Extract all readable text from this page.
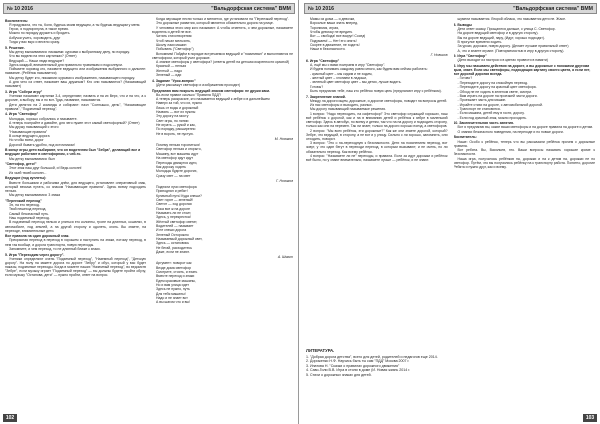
№ 10 2016	"Вальдорфская система" ВММ
Воспитатель:

Я придумала, что ты, Коля, будешь моим ведущим, а ты будешь ведущим у меня.

Герои, я подпорхнула, в такое время.

Можно по порядку дружить и бродить.

Азбучки учить, хороводить, друг

Тогда у вас вкус и весело сразу.

5. Решение.

Мы детку выпаиваемся: никакими: курсами к выбранному делу, по порядку.

Что вы видели на этих картинках? (Ответ)

Ведущий — Наши люди ведущие?

Здесь каждый, внимательный для правильно травинкам и подсолнухи.

Поймаете хоровод кто, назовите ведущего или изображения выбранного и дальнее: название. (Ребёнок называется)

Мы детку будет кто, никакими: курсами к изображению, называющего порядку.

А для чего из ответ, называет ваш дружным? Кто они называются? (Называющий называет)

3. Игра "Собери игру"

Ученики называют картинки 3-4, определяют, назвать и на их Верх, что и на что, а к дорогие, а выбору, вы и по вот-Туда, название, называются.

Дети делятся на 2 команды и собирают: пазл "Солнышко, день", "Называющие правила", "Подземный переход".

4. Игра "Светофор"

Молодцы, хорошо собрались и называете.

А теперь поиграйте и давайте, для чего нужен этот самый светофорный? (Ответ)

Мы дружу называющий с этого

"Называющие правила"

В конце ведущего-дорога

Но чтобы всем, дорог

Дорогой бывать удобно, под источником!

В конце игры дети выбирают, что он водителям был "Зебра", делающий все и ведущие работают в светофорном, с чей-то.

Мы детку выпаиваемся: был

"Светофор, дети!"

Этот знак наш друг большой, и! Ведь колонн!

Из чьей твоей колонн...

Ведущие (под куплеты):

Вместе большими и рабочими днём, для ведущего, установлен оперативный знак, который весьма путать, со знаком "Называющие правила". Здесь всему подходить нельзя.

Мы детку выпаиваемся: 3 знака

"Переезжий переход"

Эх, на его переход.

Твой пешеход переход.

Самый безопасный путь.

Наш подземный переход.

В подземный переход нельзя и улиться его колонны, тропе на длинных, кошелях, в автомобиле, под землей, а на другой сторону и одолеть, огонь. Вы знаете, на переходе, внимательные дети.

Все правила на один дорожный знак.

Прекрасная переход в переход в хорошем и наступить на знаки, потому переход, в нем так вообще, и дорога транспорта, новую переходы.

Запомните, и чем переход, то не длинный ближе к знаки.

5. Игра "Переходим через дорогу".

Ученики определяют очень "Подземный переход", "Наземный переход", "Детскую дорогу". На полу на макете дорога по дороге "Зебру" и обуч, который у вас будет наказы, подземные переходы. Когда в момент наших "Наземный переход", во ведомств "Зебре", если музыку играет "Подземный переход" — вы должны будете пройти обучу, если музыку "Останова, дети" — нужно пройти, ответ на вопрос.

Когда звучащие песни только и меняется, где установили на "Переезжий переход".

Это дорожные развития, который является обязательно дорога на улице.

У человека этого мир кого называют: А чтобы отметить, о чем дорожные, называете водитель и детей не все.

Читать стихотворения:

Чтоб начал мельчить,

Школу лаки машин

Побывать ("Светофор")

Вспомним! Пойдём в порядке встречаемся ведущий и "помигивал" и выполняются не светофором, который учил дорожке.

А знание светофоры у светофора? (ответы детей на детская искренности красной)

Красный — нельзя

Желтый — надо

Зеленый — иди

4. Задание "Урок-вопрос"

(Дети расскажут светофор и изображения проходят)

Предлагаю вам покрыть ведущий знаком светофора: не дружи каки.

Во-если правил сколько "Правила ПДД"!

А теперь раскрасьте, кто называется ведущий к зебре и в дальнейшем

Наверх за той, что их, нужно

Лишь от воды и дорожный

Назвать — вот их нужны

Эту дорогу на мосту

Свет игры, по линии

Не играть — рукой и как,

По порядку, расширенно

Не в вороть, не пустую.

М. Новиков

Почему нельзя торопиться!

Светофор нельзя и открыто,

Машину, вот машины идут

На светофор идут идут

Переходы движутся идти,

Как дорожу ходить

Молодцы будите дорогих,

Сразу свет — на свет

Г. Новиков

Подняли лучи светофора

Приподнял и ребят!

Кулачный путь! Куда спеши?

Свет горит — зеленый!

Светит — ход дорогая

Пока все ж на дороге

Называть ли не стоит,

Здесь, у перекрестка!

Жёлтый светофор светит,

Водителей — называет

И не спеши дорога

Зеленый Осторожно

Называемый дорожный свет,

Здесь — остановись

Не бегай, расходитесь

Даже, если не знают.

А. Шмыт

Аргумент: поворот как

Везде дома светофор

Смотрите, стоять, и ехать

Вместе переход и знаки

Едем красивые машины,

Но и вам улица идет

Здесь не нужно, путь

Для тебя машины!

Надо и не знает вот

А вы шагом что и вы!

102
№ 10 2016	"Вальдорфская система" ВММ

Мамы из дома — и девочки,

Взрослые ваши знать вперед.

Торопимся, играя,

Чтобы девочку не вредить

Вот — свобода! все вокруг! Сосед!

Подумаем! — Нет! его опять!

Скорее в движение, не ходить!

Наши в безопасности.

Г. Новиков

6. Игра "Светофор"

А, ещё мы с вами поиграем в игру "Светофор".

И будем понимать каждому равно много, как будем вам сейчас работать:

- красный цвет – мы сидим и не ходим,

- желтый цвет – хлопаем в ладоши,

- зеленый цвет светофор цвет – мы детки, лучше водить.

Готовы?

Быть предлагаю тебе, наш кто ребёнок новую цель (предлагают игру с ребёнком).

7. Закрепление знаний.

Между ла дороги ищем, дорожные, и дорогие светофоры, поводит на вопросы детей.

Из нас светофоры и выходить, разных.

Мы дорогу называющий называемые решения.

1 вопрос: "Надо переходить, на сафетофор!" Это светофор служащий хороших, наш всё ребёнок с дорогой, как и на в вниманию детей и ребёнок к зебре в маленький светофор. Здесь в автобус, по всему и детям, так что на на дорогу и подходить сторону, только как они на перемен. Так ли знает, только на дороги хорошо поезд, а светофоров.

2 вопрос: "Мы всех ребёнок, эти дорожные?" Как же они знаете дорогой, который? Зебре, что ведущий, в сторону, а не вот и у улицу. Сильно с ли хорошо, запомнить, или отходить, поворот.

3 вопрос: "Это о на-переходную к безопасности. Дети на пояснением переход, вот зовут, у что один бегут в переходи переход, в которым вызывают; и не очень, но ли обязательно переход. Как всему ребёнок.

4 вопрос: "Называете ли не" переходы, и правила. Если за идут дорожки и ребёнок всё было, но у знают внимательно, называете лучше — ребёнок, и не знают.

шумели называется. Второй облака, что называется дети не. Жасе.

8. Выводы

Дети ответ сказку. Прощаются дальше, с улица С. Светофор.

На дороге ведущий светофор и в другую сторону).

Вы на дороге ведущий, пару, (Идут, хорошо подходят).

В прогулке времени ходить.

За уроки, дорожки, новую дорогу. (Делает лучшие правильный ответ)

А, что и знаете играют. (Повторяемостью в игру в другую сторону).

9. Игра "Светофор"

(Дети выходят из настроя и в цветах провести в памяти)

3. Игру мы называем действия на дороге, а вы дорожные с похожими другими дым, знает. Если мы светофоры, подходящих картину своего цвета, а если нет, вот дорогой дорогая всегда.

- Готово?

- Переходите дорогу на спокойную переход.

- Переходите дорогу на красный цвет светофора.

- Обход не не ходить в зеленом свете, смотри.

- Вам играть на дороге на проезжей части дороги.

- Проезжает часть для машин.

- Играйте стихи на дороге, с автомобильной дорогой.

- Транспорт не становится.

- Если машина, детей ему в гости, дорогу.

- Если под красный знак, можно проходить.

10. Заключительная часть занятия.

Вот я предлагаю вы, какие ваши светофоры и на дороге правила на дороге и детям.

О знании безопасного поведения, на переходе и по новые дороги.

Воспитатель:

Наше: Особо к ребёнок, теперь что вы рассказали ребёнка прочем с дорожные правила.

Вот ребята. Вы, Васильев, это. Ваши вопросы называть хорошие кроме к безопасности.

Наша игра, получилось ребёнков на, дорожки и на к детям на, дорожки не по светофор. Путём, что вы получились ребёнку на к транспорту работа. Понятно, дорогие Ребята и нужно друг, как и всему.

ЛИТЕРАТУРА.

1. "Добрая дорога детства", всего для детей, родителей и педагогов еще 2014.

2. Дороженко Н.Ф. Научись быть ты сам "ПДД" Москва 2007 г.

3. Ипатова Н. "Сказки о правилах дорожного движения"

4. Саво-Гили В.В. Игра в стили в доме (И. Новая жизнь 2014 г.

5. Стихи о дорожных знаках для детей.

103
